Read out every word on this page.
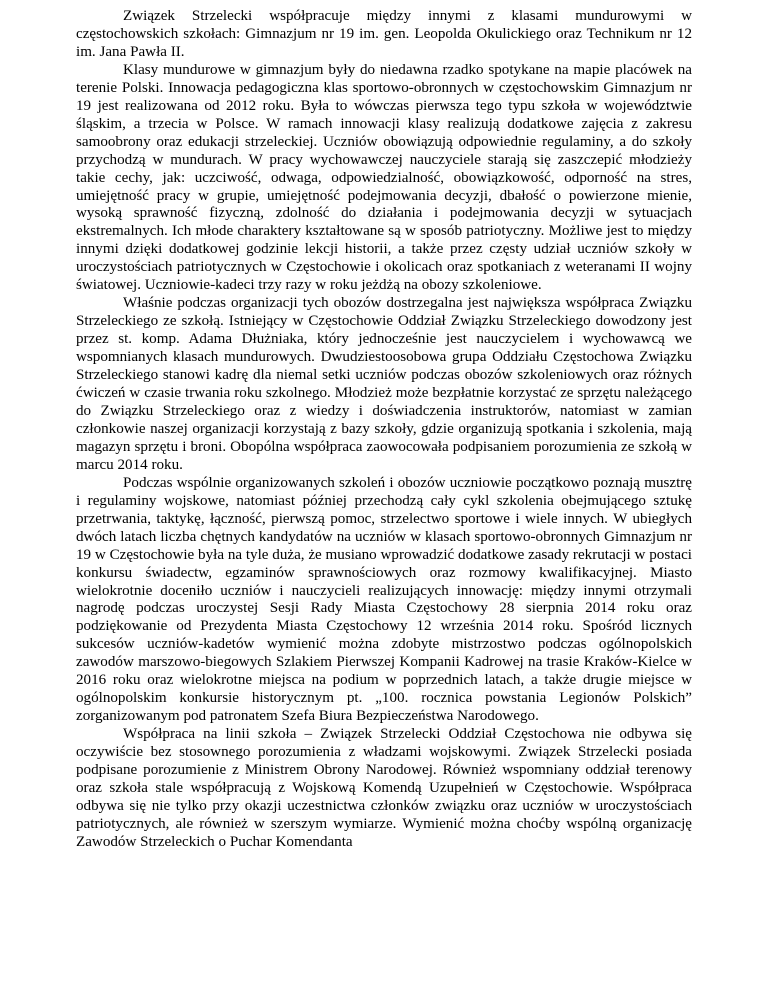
Związek Strzelecki współpracuje między innymi z klasami mundurowymi w częstochowskich szkołach: Gimnazjum nr 19 im. gen. Leopolda Okulickiego oraz Technikum nr 12 im. Jana Pawła II.

Klasy mundurowe w gimnazjum były do niedawna rzadko spotykane na mapie placówek na terenie Polski. Innowacja pedagogiczna klas sportowo-obronnych w częstochowskim Gimnazjum nr 19 jest realizowana od 2012 roku. Była to wówczas pierwsza tego typu szkoła w województwie śląskim, a trzecia w Polsce. W ramach innowacji klasy realizują dodatkowe zajęcia z zakresu samoobrony oraz edukacji strzeleckiej. Uczniów obowiązują odpowiednie regulaminy, a do szkoły przychodzą w mundurach. W pracy wychowawczej nauczyciele starają się zaszczepić młodzieży takie cechy, jak: uczciwość, odwaga, odpowiedzialność, obowiązkowość, odporność na stres, umiejętność pracy w grupie, umiejętność podejmowania decyzji, dbałość o powierzone mienie, wysoką sprawność fizyczną, zdolność do działania i podejmowania decyzji w sytuacjach ekstremalnych. Ich młode charaktery kształtowane są w sposób patriotyczny. Możliwe jest to między innymi dzięki dodatkowej godzinie lekcji historii, a także przez częsty udział uczniów szkoły w uroczystościach patriotycznych w Częstochowie i okolicach oraz spotkaniach z weteranami II wojny światowej. Uczniowie-kadeci trzy razy w roku jeżdżą na obozy szkoleniowe.

Właśnie podczas organizacji tych obozów dostrzegalna jest największa współpraca Związku Strzeleckiego ze szkołą. Istniejący w Częstochowie Oddział Związku Strzeleckiego dowodzony jest przez st. komp. Adama Dłużniaka, który jednocześnie jest nauczycielem i wychowawcą we wspomnianych klasach mundurowych. Dwudziestoosobowa grupa Oddziału Częstochowa Związku Strzeleckiego stanowi kadrę dla niemal setki uczniów podczas obozów szkoleniowych oraz różnych ćwiczeń w czasie trwania roku szkolnego. Młodzież może bezpłatnie korzystać ze sprzętu należącego do Związku Strzeleckiego oraz z wiedzy i doświadczenia instruktorów, natomiast w zamian członkowie naszej organizacji korzystają z bazy szkoły, gdzie organizują spotkania i szkolenia, mają magazyn sprzętu i broni. Obopólna współpraca zaowocowała podpisaniem porozumienia ze szkołą w marcu 2014 roku.

Podczas wspólnie organizowanych szkoleń i obozów uczniowie początkowo poznają musztrę i regulaminy wojskowe, natomiast później przechodzą cały cykl szkolenia obejmującego sztukę przetrwania, taktykę, łączność, pierwszą pomoc, strzelectwo sportowe i wiele innych. W ubiegłych dwóch latach liczba chętnych kandydatów na uczniów w klasach sportowo-obronnych Gimnazjum nr 19 w Częstochowie była na tyle duża, że musiano wprowadzić dodatkowe zasady rekrutacji w postaci konkursu świadectw, egzaminów sprawnościowych oraz rozmowy kwalifikacyjnej. Miasto wielokrotnie doceniło uczniów i nauczycieli realizujących innowację: między innymi otrzymali nagrodę podczas uroczystej Sesji Rady Miasta Częstochowy 28 sierpnia 2014 roku oraz podziękowanie od Prezydenta Miasta Częstochowy 12 września 2014 roku. Spośród licznych sukcesów uczniów-kadetów wymienić można zdobyte mistrzostwo podczas ogólnopolskich zawodów marszowo-biegowych Szlakiem Pierwszej Kompanii Kadrowej na trasie Kraków-Kielce w 2016 roku oraz wielokrotne miejsca na podium w poprzednich latach, a także drugie miejsce w ogólnopolskim konkursie historycznym pt. „100. rocznica powstania Legionów Polskich” zorganizowanym pod patronatem Szefa Biura Bezpieczeństwa Narodowego.

Współpraca na linii szkoła – Związek Strzelecki Oddział Częstochowa nie odbywa się oczywiście bez stosownego porozumienia z władzami wojskowymi. Związek Strzelecki posiada podpisane porozumienie z Ministrem Obrony Narodowej. Również wspomniany oddział terenowy oraz szkoła stale współpracują z Wojskową Komendą Uzupełnień w Częstochowie. Współpraca odbywa się nie tylko przy okazji uczestnictwa członków związku oraz uczniów w uroczystościach patriotycznych, ale również w szerszym wymiarze. Wymienić można choćby wspólną organizację Zawodów Strzeleckich o Puchar Komendanta
